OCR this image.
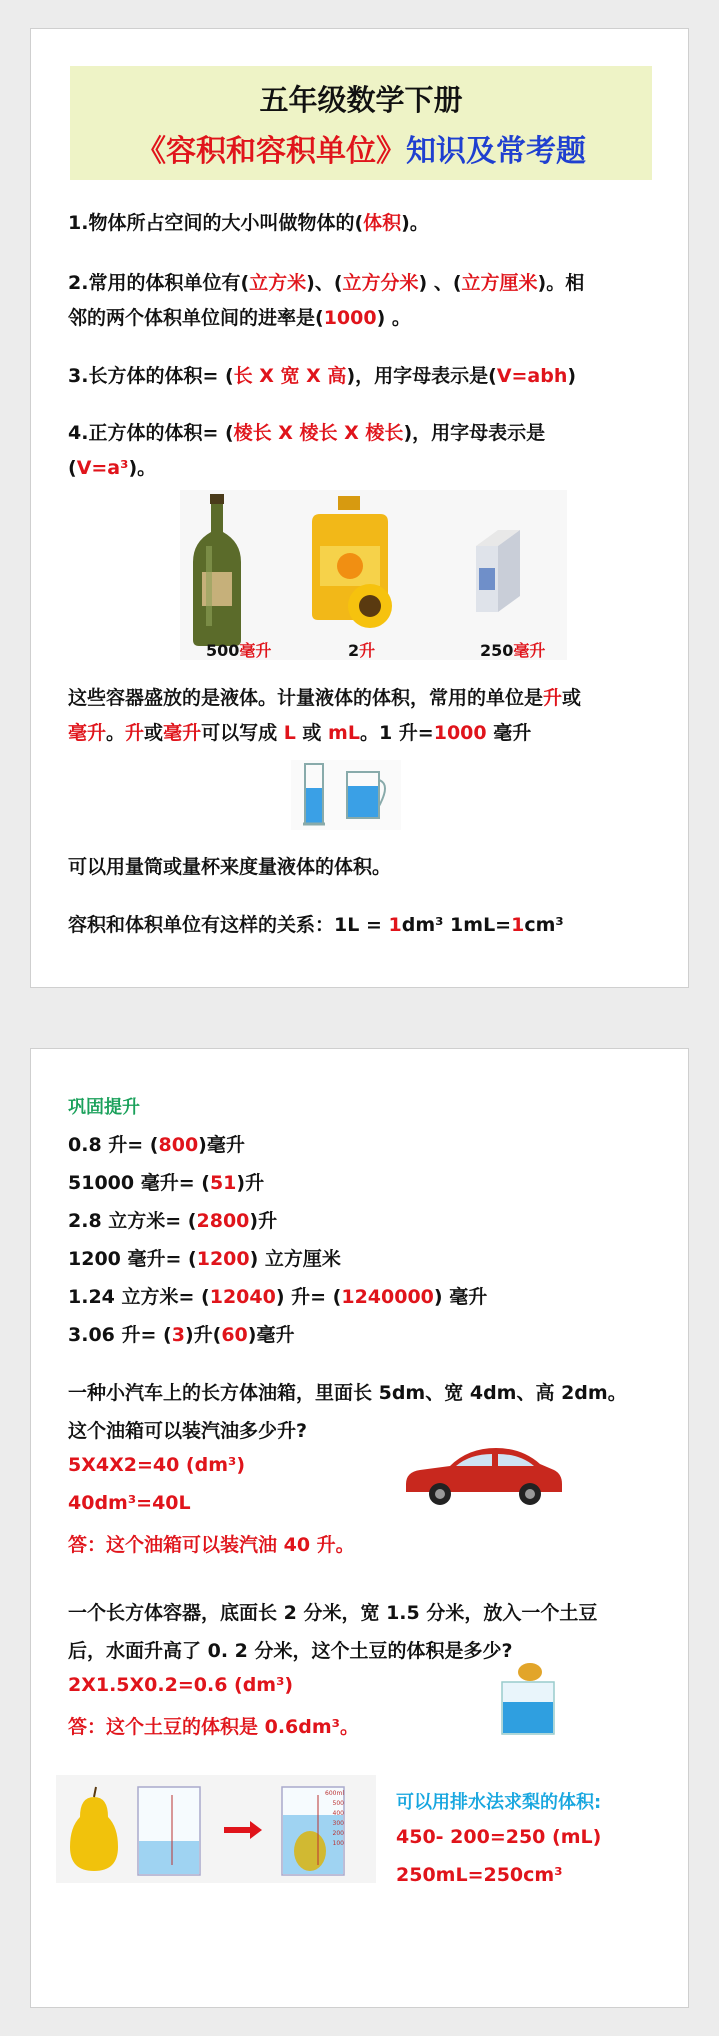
五年级数学下册
《容积和容积单位》知识及常考题
1.物体所占空间的大小叫做物体的(体积)。
2.常用的体积单位有(立方米)、(立方分米) 、(立方厘米)。相
邻的两个体积单位间的进率是(1000) 。
3.长方体的体积= (长 X 宽 X 高)，用字母表示是(V=abh)
4.正方体的体积= (棱长 X 棱长 X 棱长)，用字母表示是
(V=a³)。
500毫升	2升	250毫升
这些容器盛放的是液体。计量液体的体积，常用的单位是升或
毫升。升或毫升可以写成 L 或 mL。1 升=1000 毫升
可以用量筒或量杯来度量液体的体积。
容积和体积单位有这样的关系：1L = 1dm³ 1mL=1cm³
巩固提升
0.8 升= (800)毫升
51000 毫升= (51)升
2.8 立方米= (2800)升
1200 毫升= (1200) 立方厘米
1.24 立方米= (12040) 升= (1240000) 毫升
3.06 升= (3)升(60)毫升
一种小汽车上的长方体油箱，里面长 5dm、宽 4dm、高 2dm。
这个油箱可以装汽油多少升?
5X4X2=40 (dm³)
40dm³=40L
答：这个油箱可以装汽油 40 升。
一个长方体容器，底面长 2 分米，宽 1.5 分米，放入一个土豆
后，水面升高了 0. 2 分米，这个土豆的体积是多少?
2X1.5X0.2=0.6 (dm³)
答：这个土豆的体积是 0.6dm³。
600ml
500
400
300
200
100
可以用排水法求梨的体积:
450- 200=250 (mL)
250mL=250cm³
